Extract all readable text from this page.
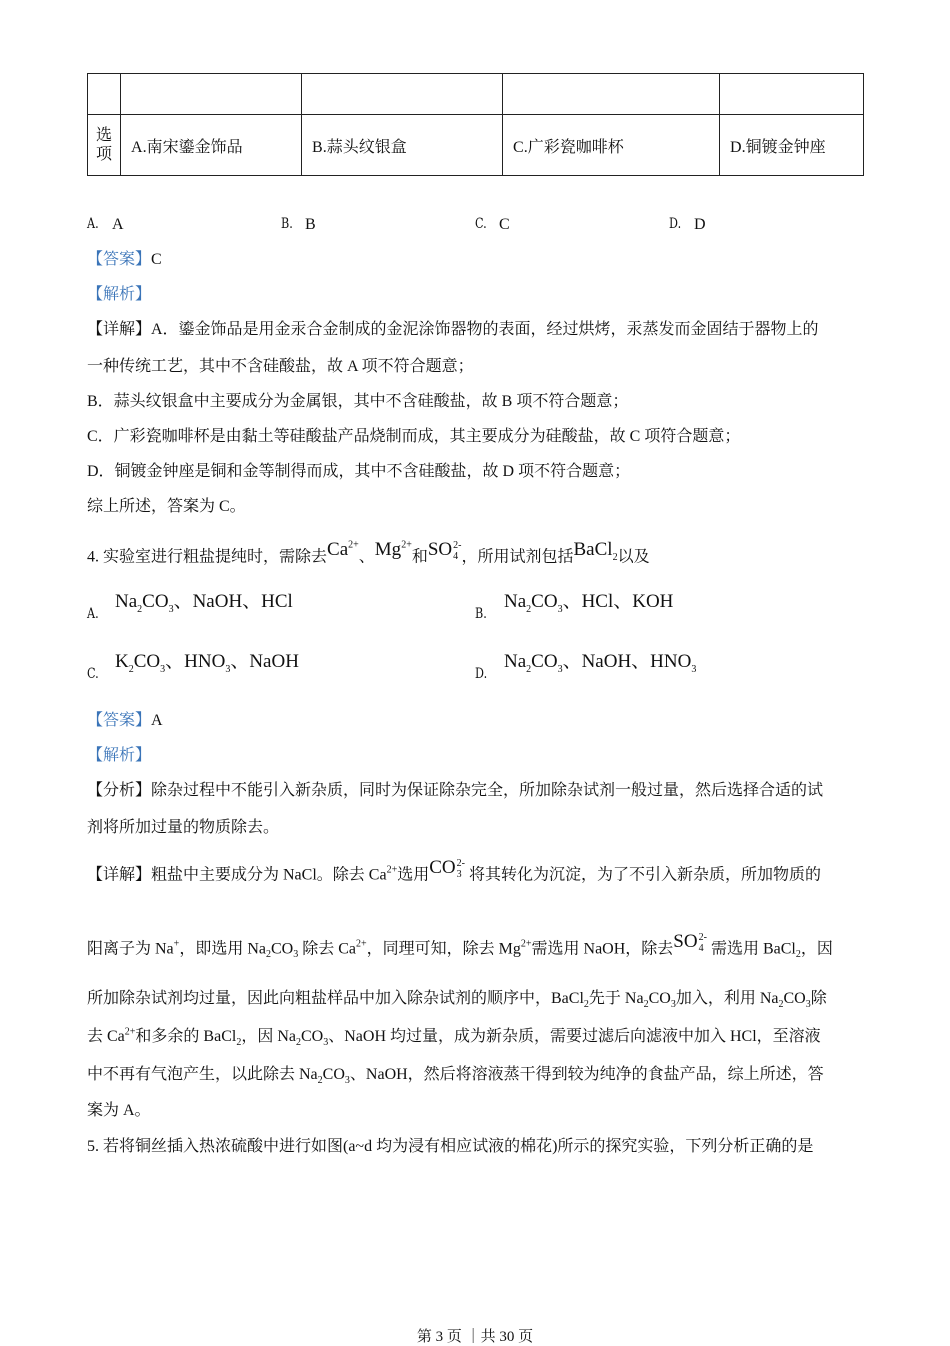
选项	A.南宋鎏金饰品	B.蒜头纹银盒	C.广彩瓷咖啡杯	D.铜镀金钟座
A. A	B. B	C. C	D. D
【答案】C
【解析】
【详解】A．鎏金饰品是用金汞合金制成的金泥涂饰器物的表面，经过烘烤，汞蒸发而金固结于器物上的
一种传统工艺，其中不含硅酸盐，故 A 项不符合题意；
B．蒜头纹银盒中主要成分为金属银，其中不含硅酸盐，故 B 项不符合题意；
C．广彩瓷咖啡杯是由黏土等硅酸盐产品烧制而成，其主要成分为硅酸盐，故 C 项符合题意；
D．铜镀金钟座是铜和金等制得而成，其中不含硅酸盐，故 D 项不符合题意；
综上所述，答案为 C。
4. 实验室进行粗盐提纯时，需除去$Ca^{2+}$、$Mg^{2+}$和SO 2-
4 ，所用试剂包括BaCl$_2$以及
A.
$Na_2CO_3$、NaOH、HCl
B.
$Na_2CO_3$、HCl、KOH
C.
$K_2CO_3$、$HNO_3$、NaOH
D.
$Na_2CO_3$、NaOH、$HNO_3$
【答案】A
【解析】
【分析】除杂过程中不能引入新杂质，同时为保证除杂完全，所加除杂试剂一般过量，然后选择合适的试
剂将所加过量的物质除去。
【详解】粗盐中主要成分为 NaCl。除去 $Ca^{2+}$选用CO 2-
3 将其转化为沉淀，为了不引入新杂质，所加物质的
阳离子为 Na+，即选用 $Na_2CO_3$ 除去 $Ca^{2+}$，同理可知，除去 $Mg^{2+}$需选用 NaOH，除去SO 2-
4 需选用 BaCl$_2$，因
所加除杂试剂均过量，因此向粗盐样品中加入除杂试剂的顺序中，BaCl$_2$先于 $Na_2CO_3$加入，利用 $Na_2CO_3$除
去 $Ca^{2+}$和多余的 BaCl$_2$，因 $Na_2CO_3$、NaOH 均过量，成为新杂质，需要过滤后向滤液中加入 HCl，至溶液
中不再有气泡产生，以此除去 $Na_2CO_3$、NaOH，然后将溶液蒸干得到较为纯净的食盐产品，综上所述，答
案为 A。
5. 若将铜丝插入热浓硫酸中进行如图(a~d 均为浸有相应试液的棉花)所示的探究实验，下列分析正确的是
第 3 页 ｜共 30 页
